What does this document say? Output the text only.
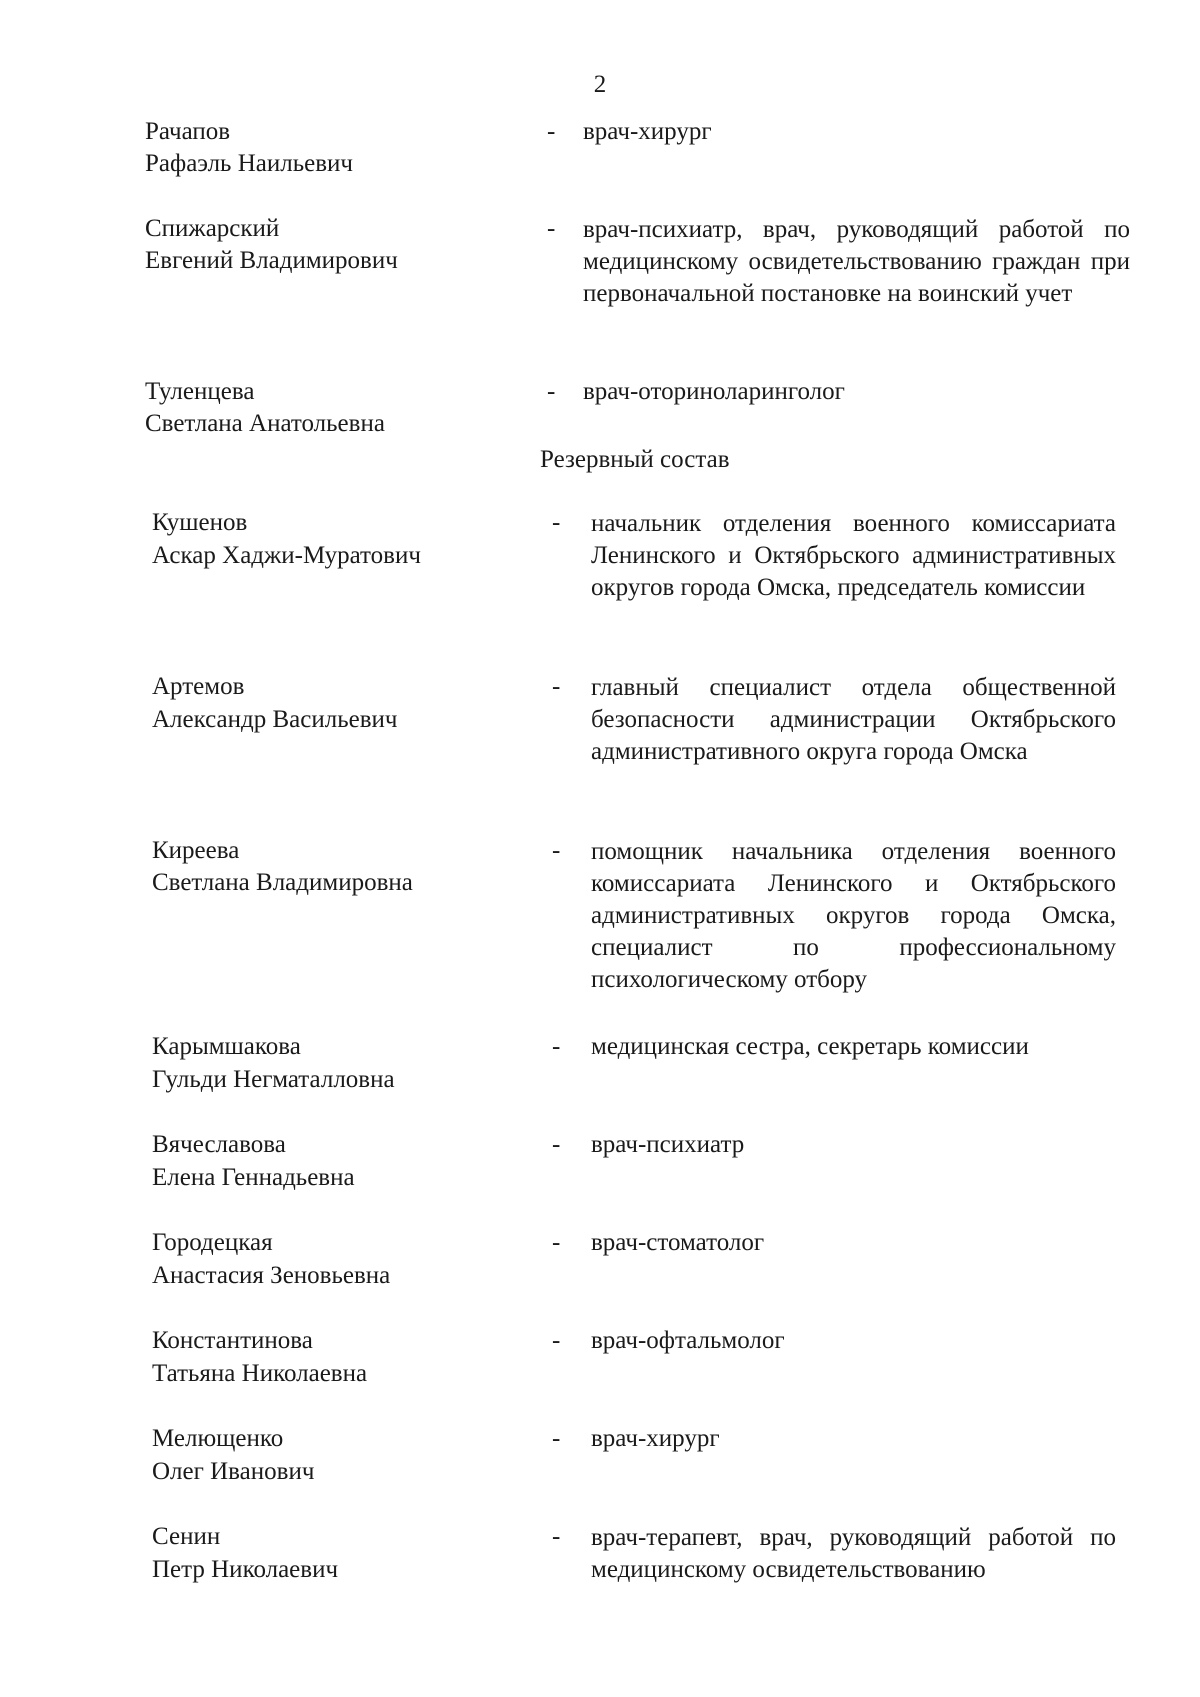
2
Рачапов
Рафаэль Наильевич
- врач-хирург
Спижарский
Евгений Владимирович
- врач-психиатр, врач, руководящий работой по медицинскому освидетельствованию граждан при первоначальной постановке на воинский учет
Туленцева
Светлана Анатольевна
- врач-оториноларинголог
Резервный состав
Кушенов
Аскар Хаджи-Муратович
- начальник отделения военного комиссариата Ленинского и Октябрьского административных округов города Омска, председатель комиссии
Артемов
Александр Васильевич
- главный специалист отдела общественной безопасности администрации Октябрьского административного округа города Омска
Киреева
Светлана Владимировна
- помощник начальника отделения военного комиссариата Ленинского и Октябрьского административных округов города Омска, специалист по профессиональному психологическому отбору
Карымшакова
Гульди Негматалловна
- медицинская сестра, секретарь комиссии
Вячеславова
Елена Геннадьевна
- врач-психиатр
Городецкая
Анастасия Зеновьевна
- врач-стоматолог
Константинова
Татьяна Николаевна
- врач-офтальмолог
Мелющенко
Олег Иванович
- врач-хирург
Сенин
Петр Николаевич
- врач-терапевт, врач, руководящий работой по медицинскому освидетельствованию
